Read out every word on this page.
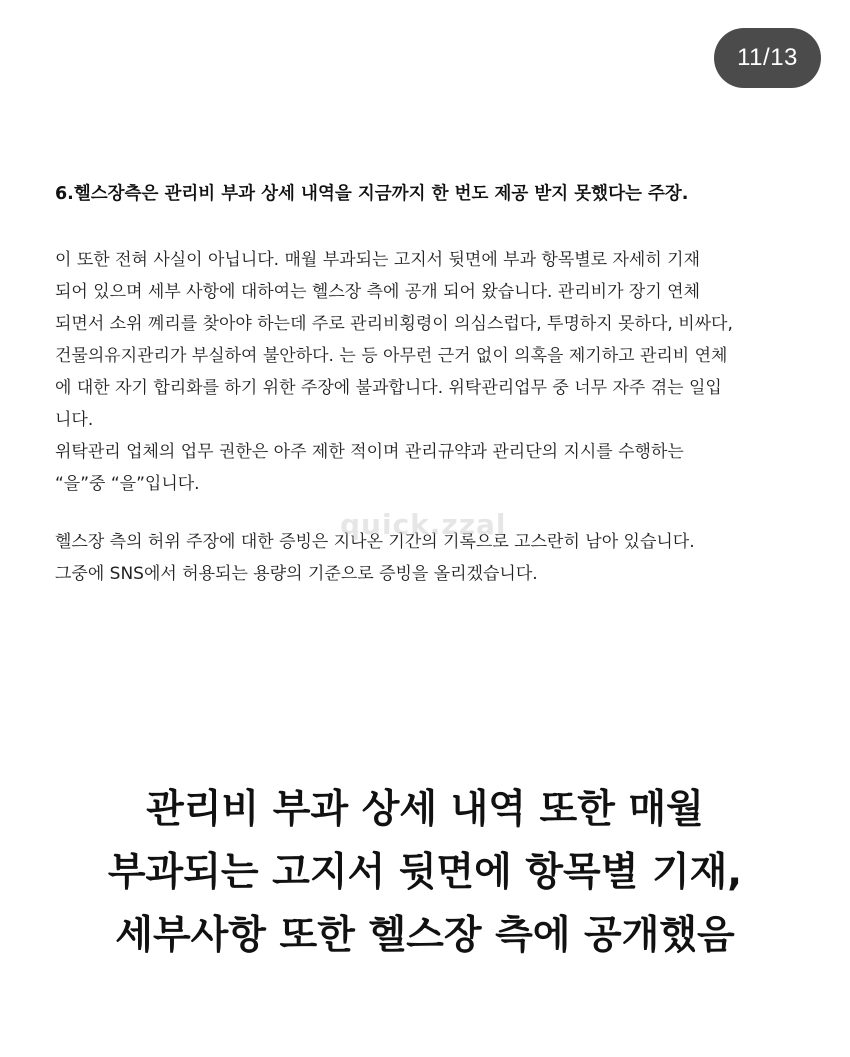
11/13

6.헬스장측은 관리비 부과 상세 내역을 지금까지 한 번도 제공 받지 못했다는 주장.

이 또한 전혀 사실이 아닙니다. 매월 부과되는 고지서 뒷면에 부과 항목별로 자세히 기재

되어 있으며 세부 사항에 대하여는 헬스장 측에 공개 되어 왔습니다. 관리비가 장기 연체

되면서 소위 꼐리를 찾아야 하는데 주로 관리비횡령이 의심스럽다, 투명하지 못하다, 비싸다,

건물의유지관리가 부실하여 불안하다. 는 등 아무런 근거 없이 의혹을 제기하고 관리비 연체

에 대한 자기 합리화를 하기 위한 주장에 불과합니다. 위탁관리업무 중 너무 자주 겪는 일입

니다.

위탁관리 업체의 업무 권한은 아주 제한 적이며 관리규약과 관리단의 지시를 수행하는

“을”중 “을”입니다.

헬스장 측의 허위 주장에 대한 증빙은 지나온 기간의 기록으로 고스란히 남아 있습니다.

그중에 SNS에서 허용되는 용량의 기준으로 증빙을 올리겠습니다.

quick.zzal
관리비 부과 상세 내역 또한 매월
부과되는 고지서 뒷면에 항목별 기재,
세부사항 또한 헬스장 측에 공개했음
